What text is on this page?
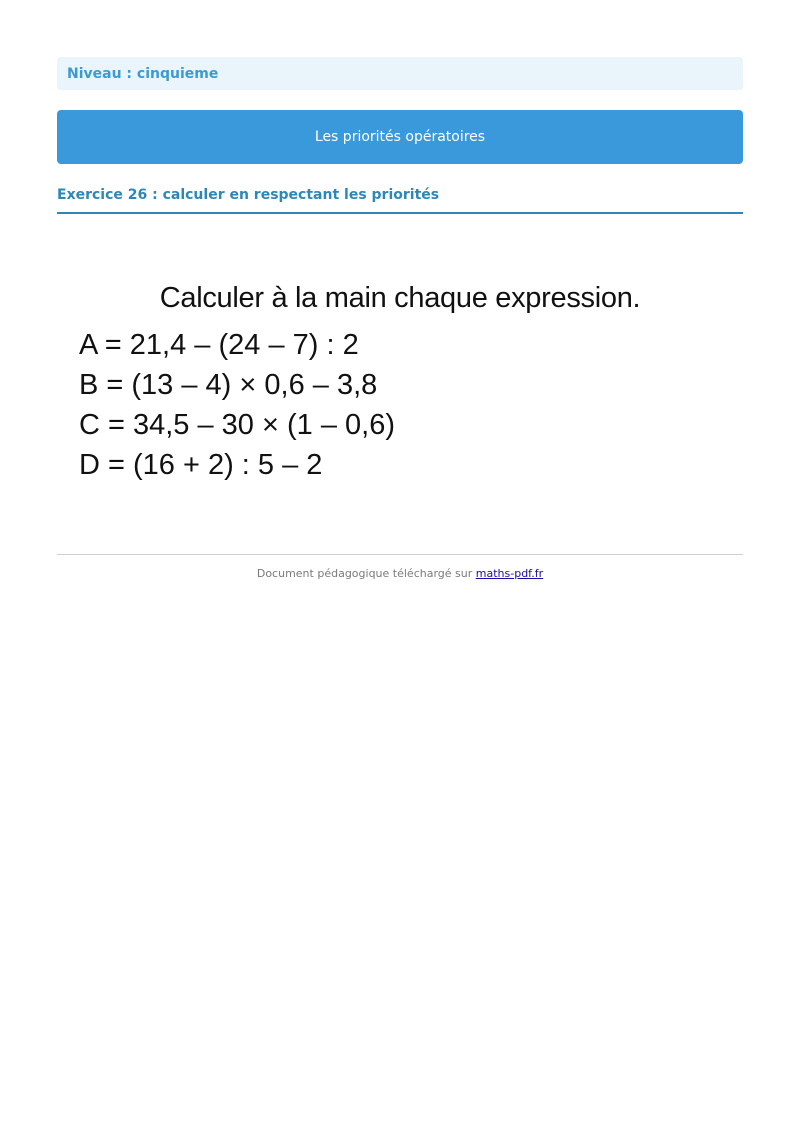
Niveau : cinquieme
Les priorités opératoires
Exercice 26 : calculer en respectant les priorités
Calculer à la main chaque expression.
A = 21,4 – (24 – 7) : 2
B = (13 – 4) × 0,6 – 3,8
C = 34,5 – 30 × (1 – 0,6)
D = (16 + 2) : 5 – 2
Document pédagogique téléchargé sur maths-pdf.fr
